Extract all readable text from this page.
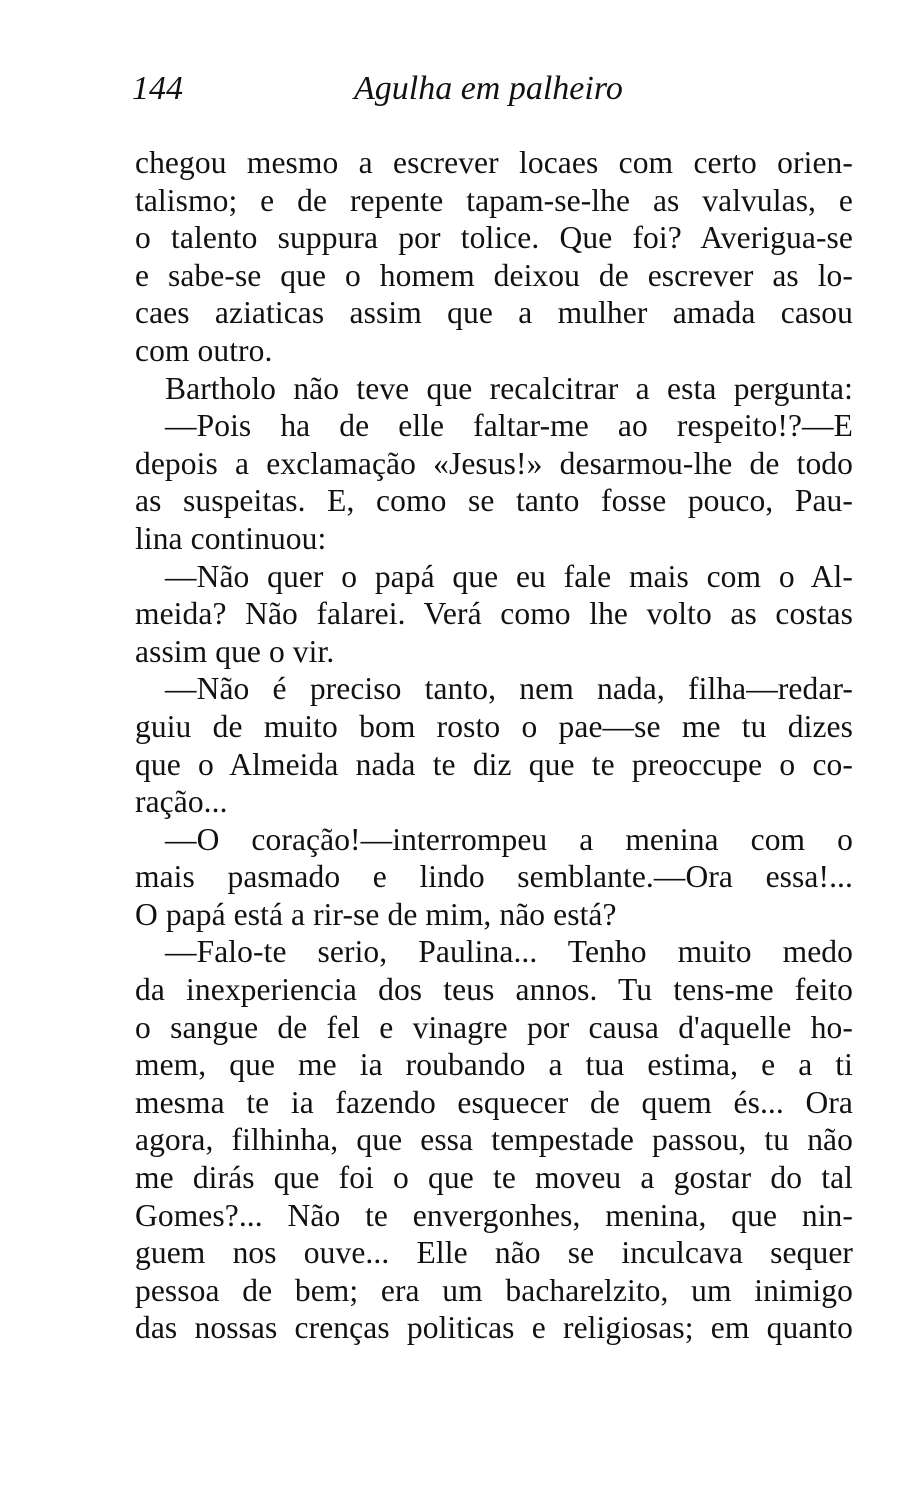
144	Agulha em palheiro
chegou mesmo a escrever locaes com certo orien-
talismo; e de repente tapam-se-lhe as valvulas, e
o talento suppura por tolice. Que foi? Averigua-se
e sabe-se que o homem deixou de escrever as lo-
caes aziaticas assim que a mulher amada casou
com outro.
Bartholo não teve que recalcitrar a esta pergunta:
—Pois ha de elle faltar-me ao respeito!?—E
depois a exclamação «Jesus!» desarmou-lhe de todo
as suspeitas. E, como se tanto fosse pouco, Pau-
lina continuou:
—Não quer o papá que eu fale mais com o Al-
meida? Não falarei. Verá como lhe volto as costas
assim que o vir.
—Não é preciso tanto, nem nada, filha—redar-
guiu de muito bom rosto o pae—se me tu dizes
que o Almeida nada te diz que te preoccupe o co-
ração...
—O coração!—interrompeu a menina com o
mais pasmado e lindo semblante.—Ora essa!...
O papá está a rir-se de mim, não está?
—Falo-te serio, Paulina... Tenho muito medo
da inexperiencia dos teus annos. Tu tens-me feito
o sangue de fel e vinagre por causa d'aquelle ho-
mem, que me ia roubando a tua estima, e a ti
mesma te ia fazendo esquecer de quem és... Ora
agora, filhinha, que essa tempestade passou, tu não
me dirás que foi o que te moveu a gostar do tal
Gomes?... Não te envergonhes, menina, que nin-
guem nos ouve... Elle não se inculcava sequer
pessoa de bem; era um bacharelzito, um inimigo
das nossas crenças politicas e religiosas; em quanto
